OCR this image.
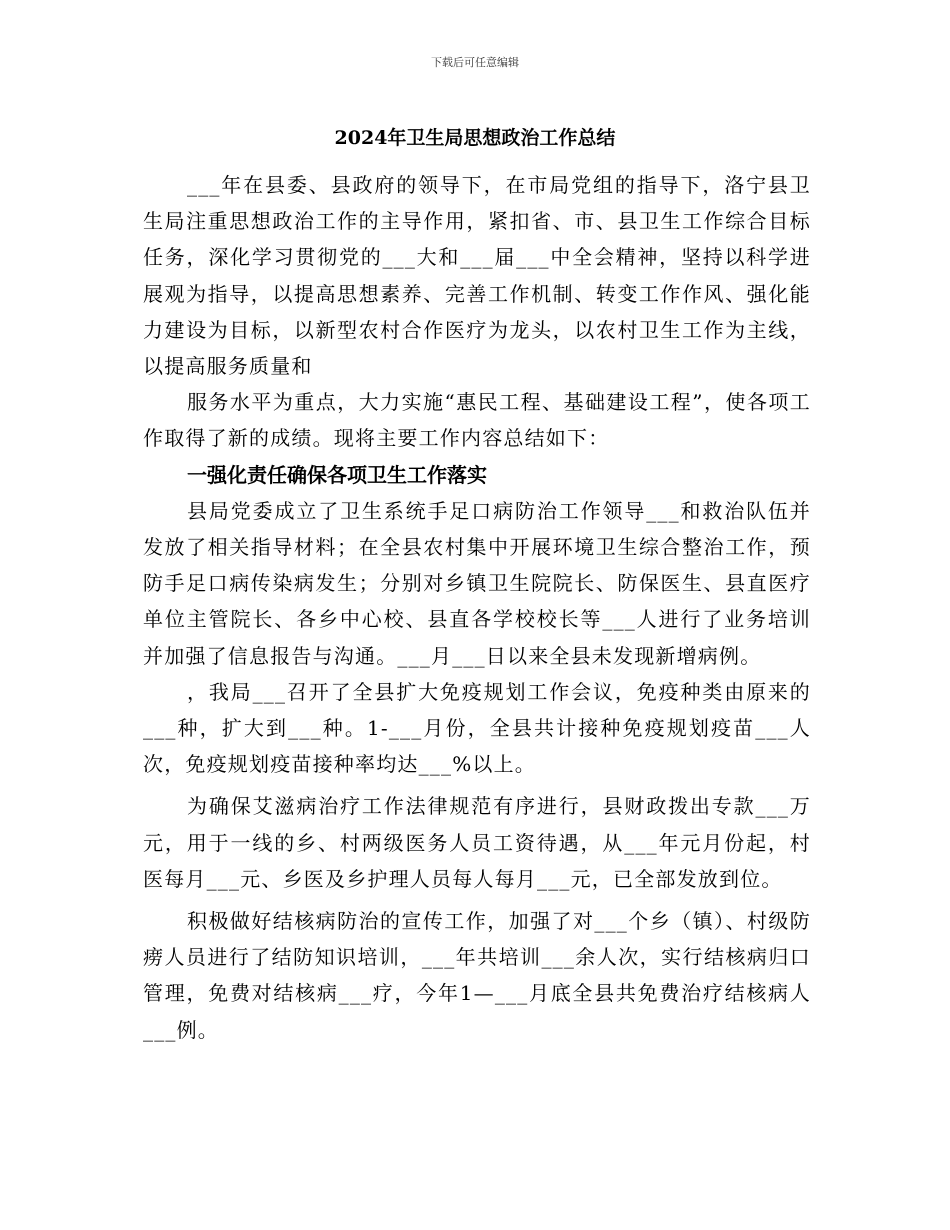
下载后可任意编辑
2024年卫生局思想政治工作总结

___年在县委、县政府的领导下，在市局党组的指导下，洛宁县卫生局注重思想政治工作的主导作用，紧扣省、市、县卫生工作综合目标任务，深化学习贯彻党的___大和___届___中全会精神，坚持以科学进展观为指导，以提高思想素养、完善工作机制、转变工作作风、强化能力建设为目标，以新型农村合作医疗为龙头，以农村卫生工作为主线，以提高服务质量和

服务水平为重点，大力实施“惠民工程、基础建设工程”，使各项工作取得了新的成绩。现将主要工作内容总结如下：

一强化责任确保各项卫生工作落实

县局党委成立了卫生系统手足口病防治工作领导___和救治队伍并发放了相关指导材料；在全县农村集中开展环境卫生综合整治工作，预防手足口病传染病发生；分别对乡镇卫生院院长、防保医生、县直医疗单位主管院长、各乡中心校、县直各学校校长等___人进行了业务培训并加强了信息报告与沟通。___月___日以来全县未发现新增病例。

，我局___召开了全县扩大免疫规划工作会议，免疫种类由原来的___种，扩大到___种。1-___月份，全县共计接种免疫规划疫苗___人次，免疫规划疫苗接种率均达___%以上。

为确保艾滋病治疗工作法律规范有序进行，县财政拨出专款___万元，用于一线的乡、村两级医务人员工资待遇，从___年元月份起，村医每月___元、乡医及乡护理人员每人每月___元，已全部发放到位。

积极做好结核病防治的宣传工作，加强了对___个乡（镇）、村级防痨人员进行了结防知识培训，___年共培训___余人次，实行结核病归口管理，免费对结核病___疗，今年1—___月底全县共免费治疗结核病人___例。
